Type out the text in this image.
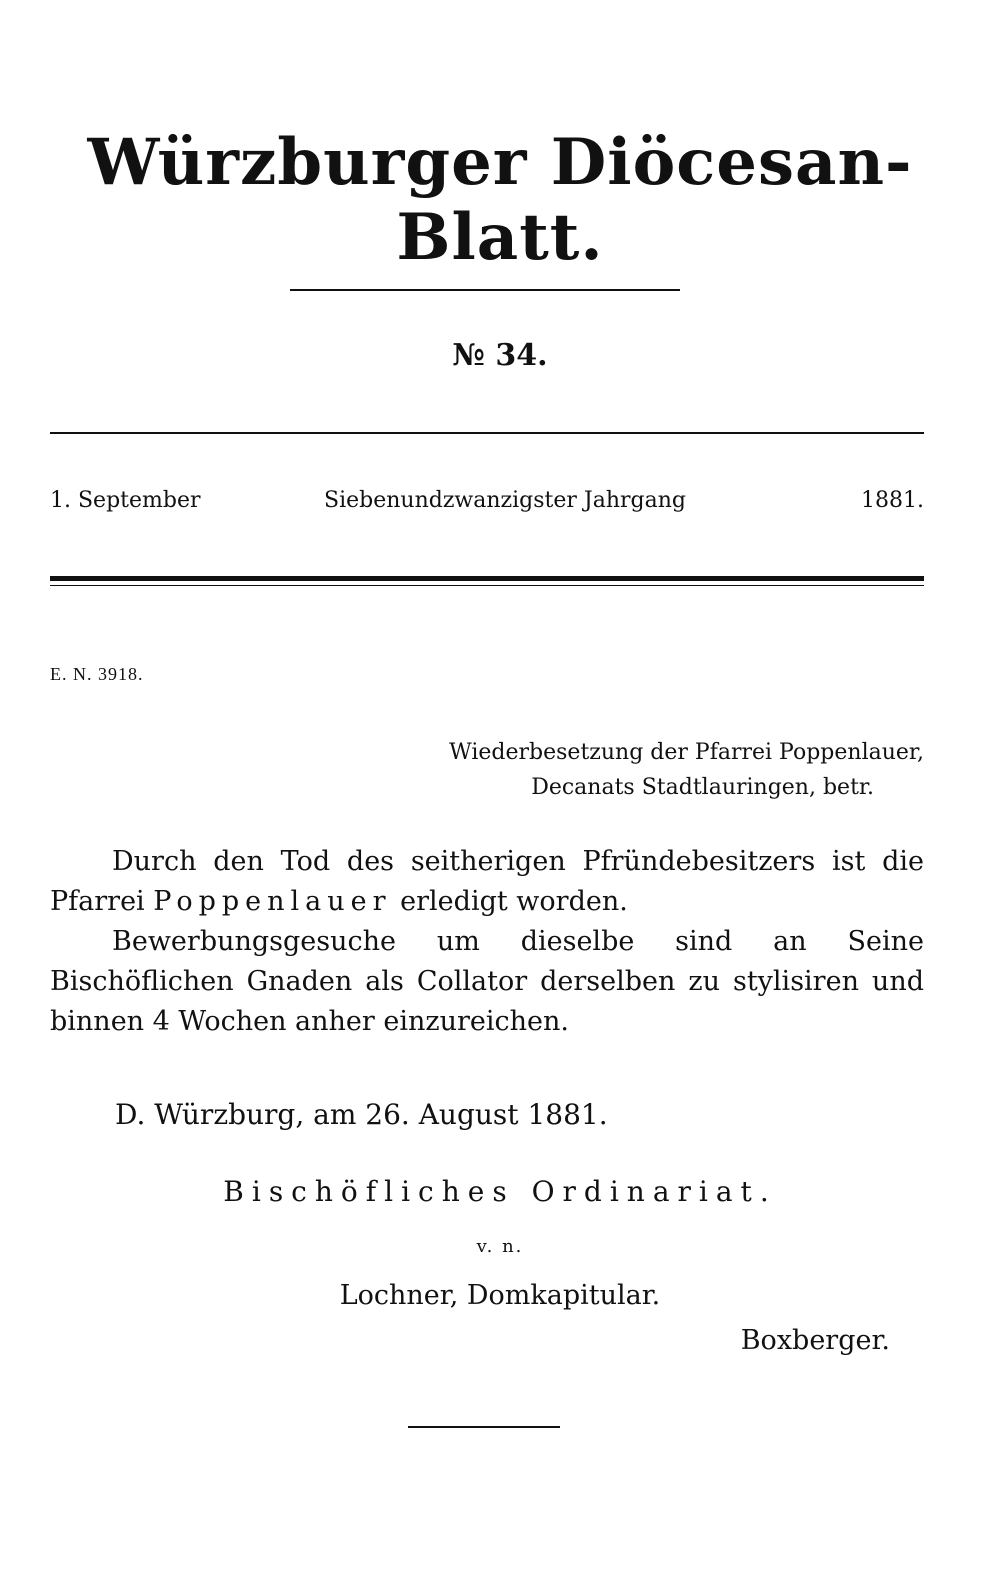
Würzburger Diöcesan-Blatt.
№ 34.
1. September	Siebenundzwanzigster Jahrgang	1881.
E. N. 3918.
Wiederbesetzung der Pfarrei Poppenlauer,
Decanats Stadtlauringen, betr.

Durch den Tod des seitherigen Pfründebesitzers ist die Pfarrei Poppenlauer erledigt worden.

Bewerbungsgesuche um dieselbe sind an Seine Bischöflichen Gnaden als Collator derselben zu stylisiren und binnen 4 Wochen anher einzureichen.

D. Würzburg, am 26. August 1881.
Bischöfliches Ordinariat.
v. n.
Lochner, Domkapitular.
Boxberger.
